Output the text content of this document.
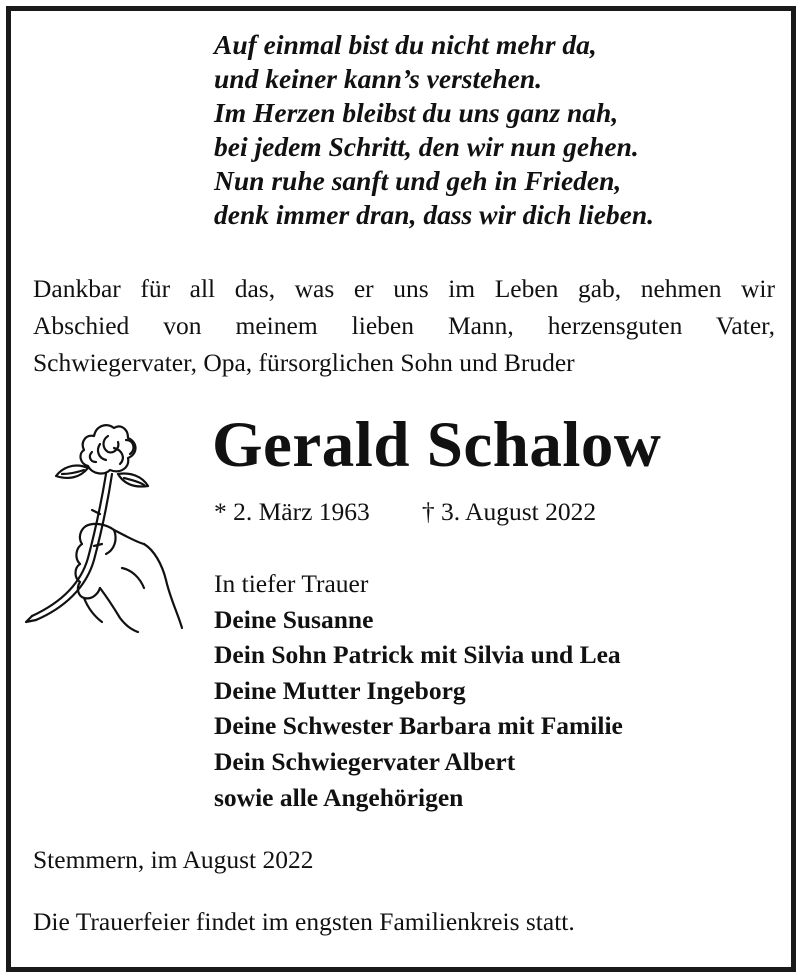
Auf einmal bist du nicht mehr da,
und keiner kann’s verstehen.
Im Herzen bleibst du uns ganz nah,
bei jedem Schritt, den wir nun gehen.
Nun ruhe sanft und geh in Frieden,
denk immer dran, dass wir dich lieben.
Dankbar für all das, was er uns im Leben gab, nehmen wir
Abschied von meinem lieben Mann, herzensguten Vater,
Schwiegervater, Opa, fürsorglichen Sohn und Bruder
Gerald Schalow
* 2. März 1963 † 3. August 2022
In tiefer Trauer
Deine Susanne
Dein Sohn Patrick mit Silvia und Lea
Deine Mutter Ingeborg
Deine Schwester Barbara mit Familie
Dein Schwiegervater Albert
sowie alle Angehörigen
Stemmern, im August 2022
Die Trauerfeier findet im engsten Familienkreis statt.
